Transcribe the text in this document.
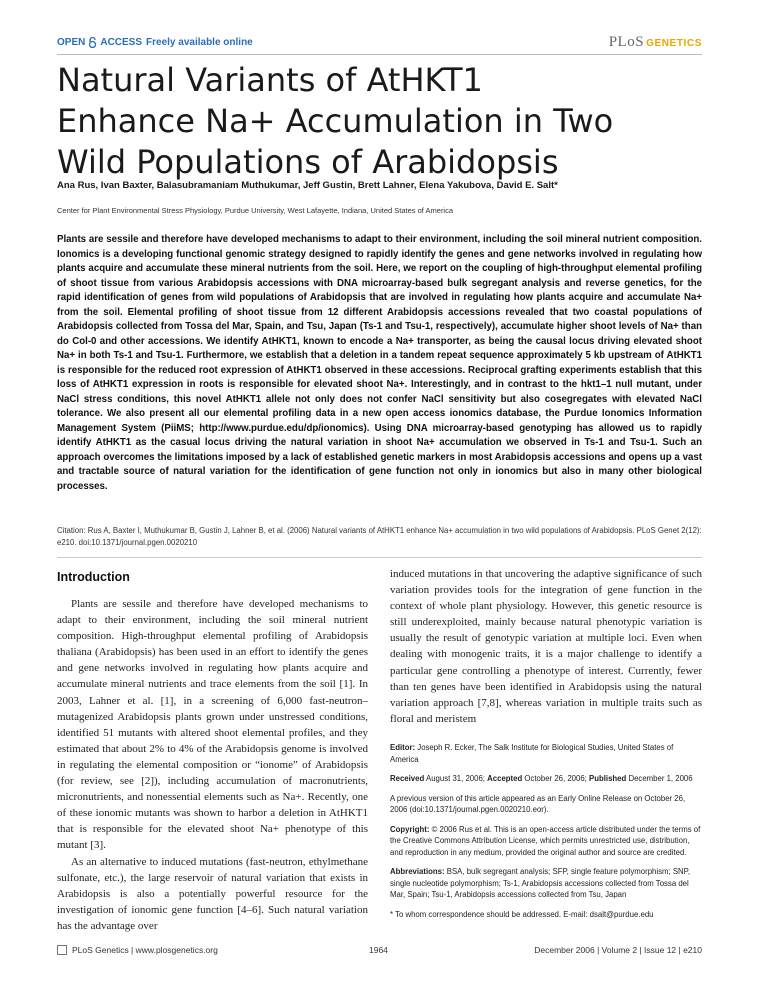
OPEN ACCESS Freely available online	PLoS GENETICS
Natural Variants of AtHKT1
Enhance Na+ Accumulation in Two
Wild Populations of Arabidopsis
Ana Rus, Ivan Baxter, Balasubramaniam Muthukumar, Jeff Gustin, Brett Lahner, Elena Yakubova, David E. Salt*
Center for Plant Environmental Stress Physiology, Purdue University, West Lafayette, Indiana, United States of America

Plants are sessile and therefore have developed mechanisms to adapt to their environment, including the soil mineral nutrient composition. Ionomics is a developing functional genomic strategy designed to rapidly identify the genes and gene networks involved in regulating how plants acquire and accumulate these mineral nutrients from the soil. Here, we report on the coupling of high-throughput elemental profiling of shoot tissue from various Arabidopsis accessions with DNA microarray-based bulk segregant analysis and reverse genetics, for the rapid identification of genes from wild populations of Arabidopsis that are involved in regulating how plants acquire and accumulate Na+ from the soil. Elemental profiling of shoot tissue from 12 different Arabidopsis accessions revealed that two coastal populations of Arabidopsis collected from Tossa del Mar, Spain, and Tsu, Japan (Ts-1 and Tsu-1, respectively), accumulate higher shoot levels of Na+ than do Col-0 and other accessions. We identify AtHKT1, known to encode a Na+ transporter, as being the causal locus driving elevated shoot Na+ in both Ts-1 and Tsu-1. Furthermore, we establish that a deletion in a tandem repeat sequence approximately 5 kb upstream of AtHKT1 is responsible for the reduced root expression of AtHKT1 observed in these accessions. Reciprocal grafting experiments establish that this loss of AtHKT1 expression in roots is responsible for elevated shoot Na+. Interestingly, and in contrast to the hkt1–1 null mutant, under NaCl stress conditions, this novel AtHKT1 allele not only does not confer NaCl sensitivity but also cosegregates with elevated NaCl tolerance. We also present all our elemental profiling data in a new open access ionomics database, the Purdue Ionomics Information Management System (PiiMS; http://www.purdue.edu/dp/ionomics). Using DNA microarray-based genotyping has allowed us to rapidly identify AtHKT1 as the casual locus driving the natural variation in shoot Na+ accumulation we observed in Ts-1 and Tsu-1. Such an approach overcomes the limitations imposed by a lack of established genetic markers in most Arabidopsis accessions and opens up a vast and tractable source of natural variation for the identification of gene function not only in ionomics but also in many other biological processes.

Citation: Rus A, Baxter I, Muthukumar B, Gustin J, Lahner B, et al. (2006) Natural variants of AtHKT1 enhance Na+ accumulation in two wild populations of Arabidopsis. PLoS Genet 2(12): e210. doi:10.1371/journal.pgen.0020210

Introduction

Plants are sessile and therefore have developed mechanisms to adapt to their environment, including the soil mineral nutrient composition. High-throughput elemental profiling of Arabidopsis thaliana (Arabidopsis) has been used in an effort to identify the genes and gene networks involved in regulating how plants acquire and accumulate mineral nutrients and trace elements from the soil [1]. In 2003, Lahner et al. [1], in a screening of 6,000 fast-neutron–mutagenized Arabidopsis plants grown under unstressed conditions, identified 51 mutants with altered shoot elemental profiles, and they estimated that about 2% to 4% of the Arabidopsis genome is involved in regulating the elemental composition or “ionome” of Arabidopsis (for review, see [2]), including accumulation of macronutrients, micronutrients, and nonessential elements such as Na+. Recently, one of these ionomic mutants was shown to harbor a deletion in AtHKT1 that is responsible for the elevated shoot Na+ phenotype of this mutant [3].

As an alternative to induced mutations (fast-neutron, ethylmethane sulfonate, etc.), the large reservoir of natural variation that exists in Arabidopsis is also a potentially powerful resource for the investigation of ionomic gene function [4–6]. Such natural variation has the advantage over

induced mutations in that uncovering the adaptive significance of such variation provides tools for the integration of gene function in the context of whole plant physiology. However, this genetic resource is still underexploited, mainly because natural phenotypic variation is usually the result of genotypic variation at multiple loci. Even when dealing with monogenic traits, it is a major challenge to identify a particular gene controlling a phenotype of interest. Currently, fewer than ten genes have been identified in Arabidopsis using the natural variation approach [7,8], whereas variation in multiple traits such as floral and meristem

Editor: Joseph R. Ecker, The Salk Institute for Biological Studies, United States of America

Received August 31, 2006; Accepted October 26, 2006; Published December 1, 2006

A previous version of this article appeared as an Early Online Release on October 26, 2006 (doi:10.1371/journal.pgen.0020210.eor).

Copyright: © 2006 Rus et al. This is an open-access article distributed under the terms of the Creative Commons Attribution License, which permits unrestricted use, distribution, and reproduction in any medium, provided the original author and source are credited.

Abbreviations: BSA, bulk segregant analysis; SFP, single feature polymorphism; SNP, single nucleotide polymorphism; Ts-1, Arabidopsis accessions collected from Tossa del Mar, Spain; Tsu-1, Arabidopsis accessions collected from Tsu, Japan

* To whom correspondence should be addressed. E-mail: dsalt@purdue.edu

PLoS Genetics | www.plosgenetics.org	1964	December 2006 | Volume 2 | Issue 12 | e210
